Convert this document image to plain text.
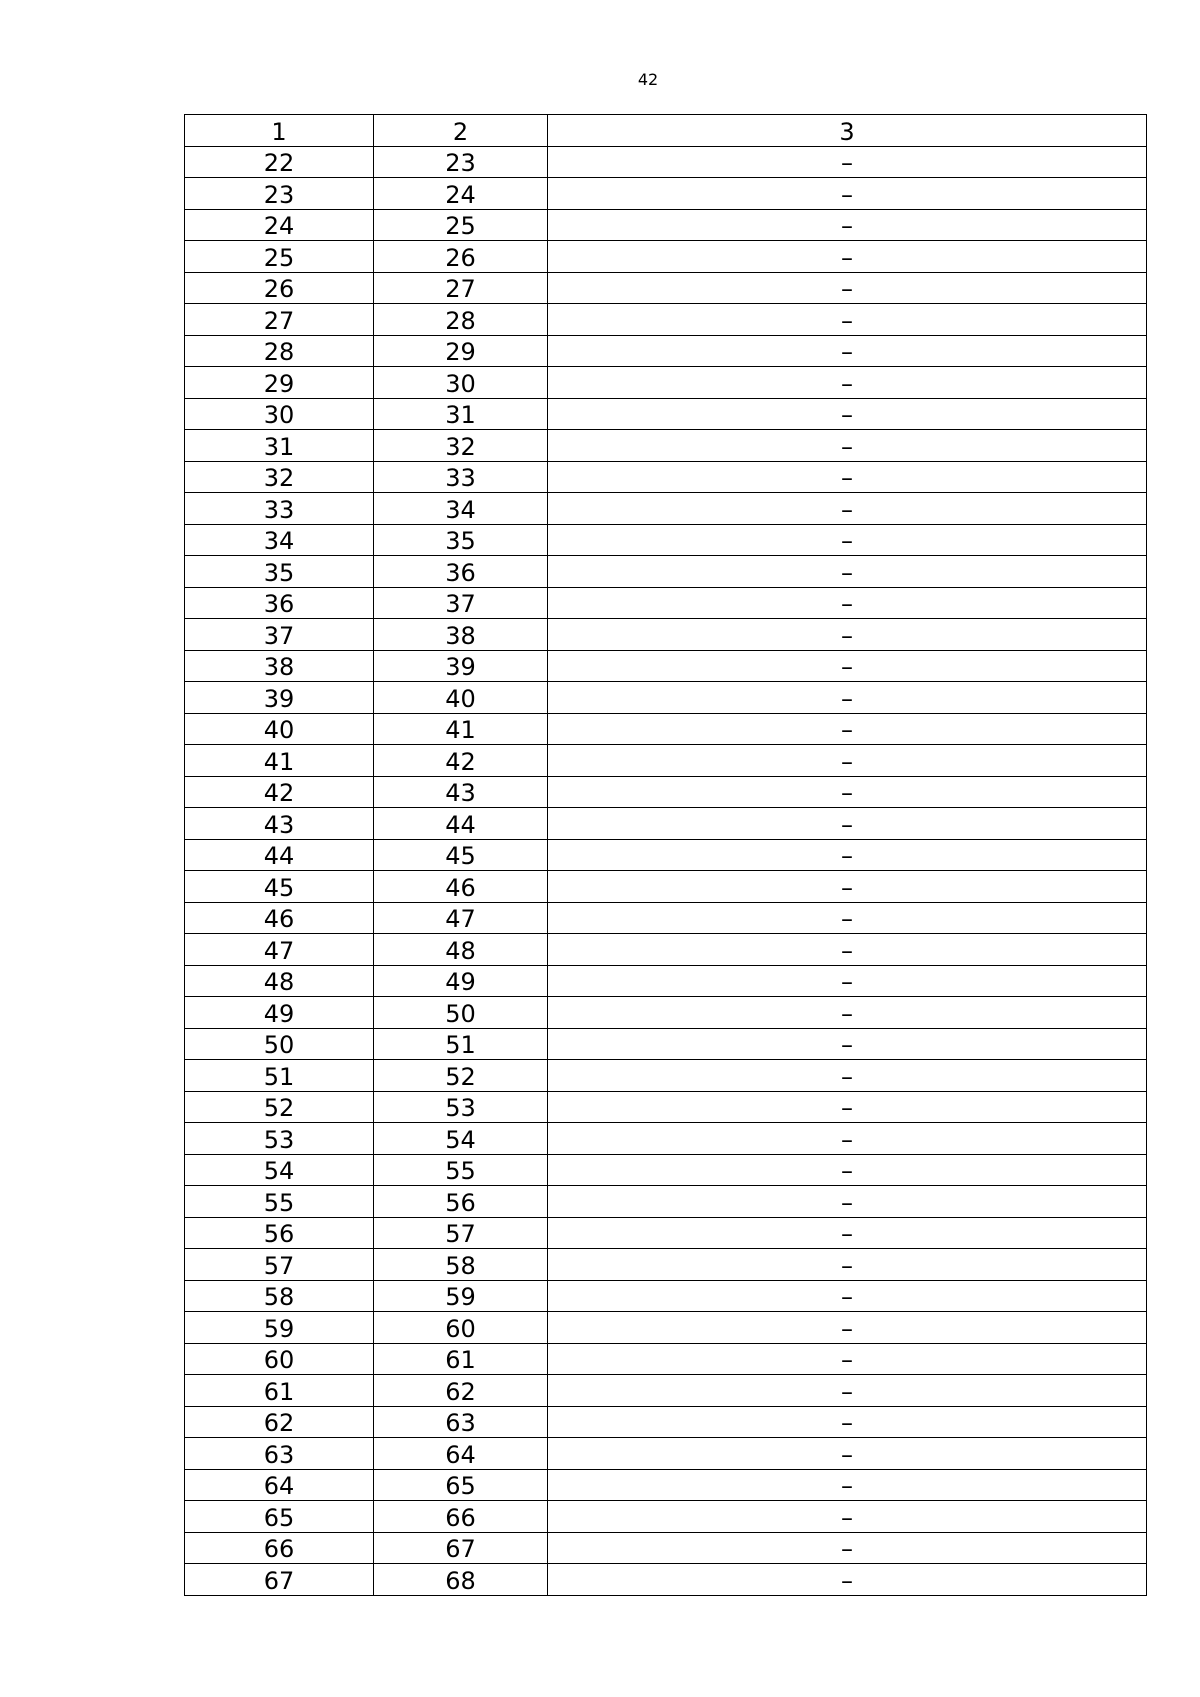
42
1	2	3
22	23	–
23	24	–
24	25	–
25	26	–
26	27	–
27	28	–
28	29	–
29	30	–
30	31	–
31	32	–
32	33	–
33	34	–
34	35	–
35	36	–
36	37	–
37	38	–
38	39	–
39	40	–
40	41	–
41	42	–
42	43	–
43	44	–
44	45	–
45	46	–
46	47	–
47	48	–
48	49	–
49	50	–
50	51	–
51	52	–
52	53	–
53	54	–
54	55	–
55	56	–
56	57	–
57	58	–
58	59	–
59	60	–
60	61	–
61	62	–
62	63	–
63	64	–
64	65	–
65	66	–
66	67	–
67	68	–
